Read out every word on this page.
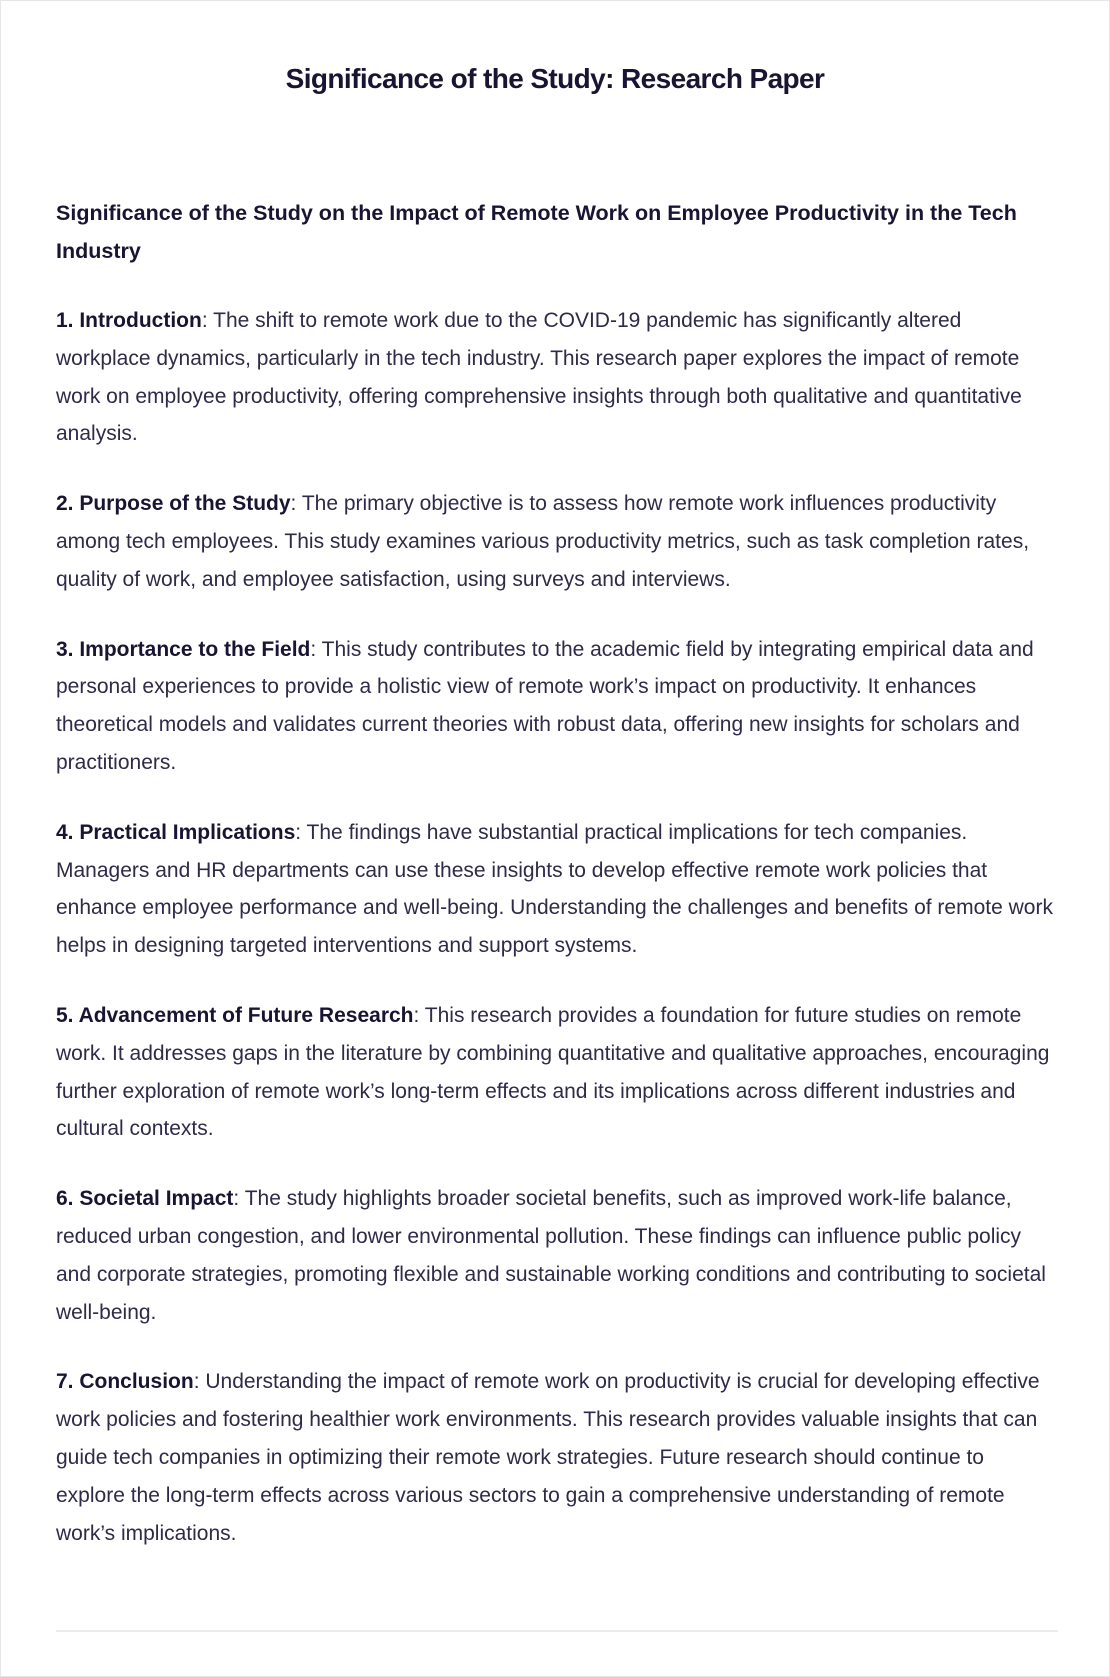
Significance of the Study: Research Paper
Significance of the Study on the Impact of Remote Work on Employee Productivity in the Tech Industry

1. Introduction: The shift to remote work due to the COVID-19 pandemic has significantly altered workplace dynamics, particularly in the tech industry. This research paper explores the impact of remote work on employee productivity, offering comprehensive insights through both qualitative and quantitative analysis.

2. Purpose of the Study: The primary objective is to assess how remote work influences productivity among tech employees. This study examines various productivity metrics, such as task completion rates, quality of work, and employee satisfaction, using surveys and interviews.

3. Importance to the Field: This study contributes to the academic field by integrating empirical data and personal experiences to provide a holistic view of remote work’s impact on productivity. It enhances theoretical models and validates current theories with robust data, offering new insights for scholars and practitioners.

4. Practical Implications: The findings have substantial practical implications for tech companies. Managers and HR departments can use these insights to develop effective remote work policies that enhance employee performance and well-being. Understanding the challenges and benefits of remote work helps in designing targeted interventions and support systems.

5. Advancement of Future Research: This research provides a foundation for future studies on remote work. It addresses gaps in the literature by combining quantitative and qualitative approaches, encouraging further exploration of remote work’s long-term effects and its implications across different industries and cultural contexts.

6. Societal Impact: The study highlights broader societal benefits, such as improved work-life balance, reduced urban congestion, and lower environmental pollution. These findings can influence public policy and corporate strategies, promoting flexible and sustainable working conditions and contributing to societal well-being.

7. Conclusion: Understanding the impact of remote work on productivity is crucial for developing effective work policies and fostering healthier work environments. This research provides valuable insights that can guide tech companies in optimizing their remote work strategies. Future research should continue to explore the long-term effects across various sectors to gain a comprehensive understanding of remote work’s implications.
